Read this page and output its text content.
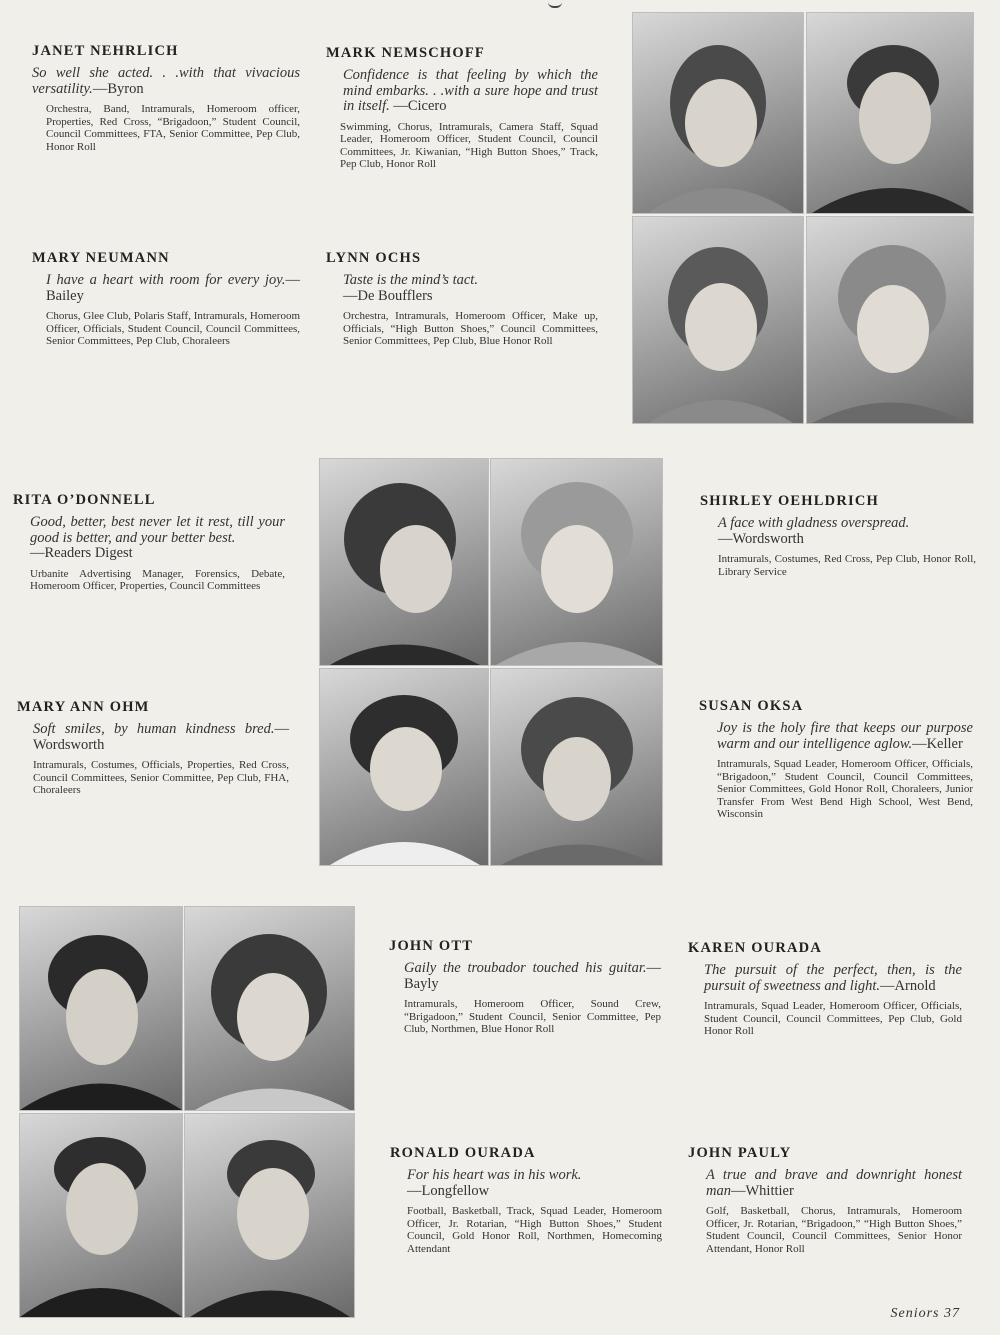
JANET NEHRLICH
So well she acted. . .with that vivacious versatility.—Byron
Orchestra, Band, Intramurals, Homeroom officer, Properties, Red Cross, “Brigadoon,” Student Council, Council Committees, FTA, Senior Committee, Pep Club, Honor Roll
MARK NEMSCHOFF
Confidence is that feeling by which the mind embarks. . .with a sure hope and trust in itself. —Cicero
Swimming, Chorus, Intramurals, Camera Staff, Squad Leader, Homeroom Officer, Student Council, Council Committees, Jr. Kiwanian, “High Button Shoes,” Track, Pep Club, Honor Roll
MARY NEUMANN
I have a heart with room for every joy.—Bailey
Chorus, Glee Club, Polaris Staff, Intramurals, Homeroom Officer, Officials, Student Council, Council Committees, Senior Committees, Pep Club, Choraleers
LYNN OCHS
Taste is the mind’s tact.
—De Boufflers
Orchestra, Intramurals, Homeroom Officer, Make up, Officials, “High Button Shoes,” Council Committees, Senior Committees, Pep Club, Blue Honor Roll
RITA O’DONNELL
Good, better, best never let it rest, till your good is better, and your better best.
—Readers Digest
Urbanite Advertising Manager, Forensics, Debate, Homeroom Officer, Properties, Council Committees
SHIRLEY OEHLDRICH
A face with gladness overspread.
—Wordsworth
Intramurals, Costumes, Red Cross, Pep Club, Honor Roll, Library Service
MARY ANN OHM
Soft smiles, by human kindness bred.—Wordsworth
Intramurals, Costumes, Officials, Properties, Red Cross, Council Committees, Senior Committee, Pep Club, FHA, Choraleers
SUSAN OKSA
Joy is the holy fire that keeps our purpose warm and our intelligence aglow.—Keller
Intramurals, Squad Leader, Homeroom Officer, Officials, “Brigadoon,” Student Council, Council Committees, Senior Committees, Gold Honor Roll, Choraleers, Junior Transfer From West Bend High School, West Bend, Wisconsin
JOHN OTT
Gaily the troubador touched his guitar.—Bayly
Intramurals, Homeroom Officer, Sound Crew, “Brigadoon,” Student Council, Senior Committee, Pep Club, Northmen, Blue Honor Roll
KAREN OURADA
The pursuit of the perfect, then, is the pursuit of sweetness and light.—Arnold
Intramurals, Squad Leader, Homeroom Officer, Officials, Student Council, Council Committees, Pep Club, Gold Honor Roll
RONALD OURADA
For his heart was in his work.
—Longfellow
Football, Basketball, Track, Squad Leader, Homeroom Officer, Jr. Rotarian, “High Button Shoes,” Student Council, Gold Honor Roll, Northmen, Homecoming Attendant
JOHN PAULY
A true and brave and downright honest man—Whittier
Golf, Basketball, Chorus, Intramurals, Homeroom Officer, Jr. Rotarian, “Brigadoon,” “High Button Shoes,” Student Council, Council Committees, Senior Honor Attendant, Honor Roll
Seniors 37
